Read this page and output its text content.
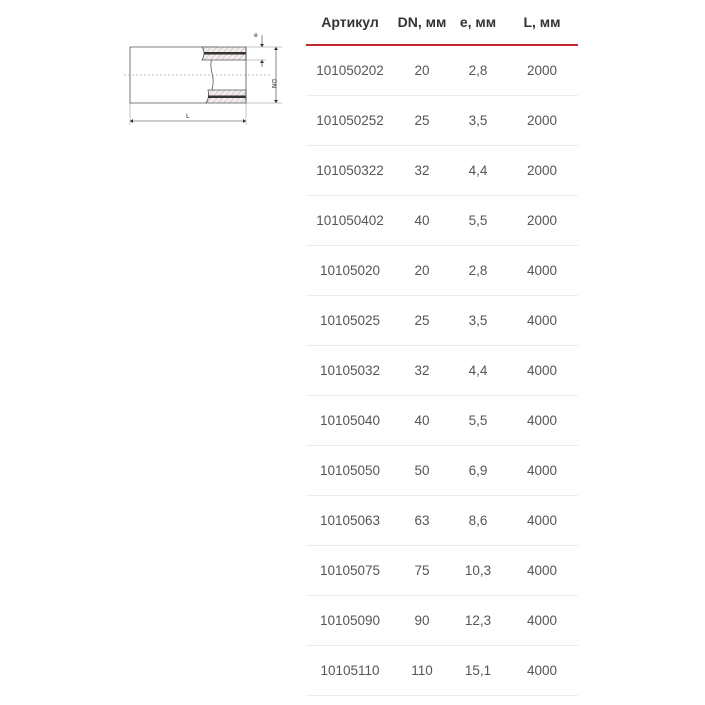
e
DN
L
Артикул	DN, мм	e, мм	L, мм
101050202	20	2,8	2000
101050252	25	3,5	2000
101050322	32	4,4	2000
101050402	40	5,5	2000
10105020	20	2,8	4000
10105025	25	3,5	4000
10105032	32	4,4	4000
10105040	40	5,5	4000
10105050	50	6,9	4000
10105063	63	8,6	4000
10105075	75	10,3	4000
10105090	90	12,3	4000
10105110	110	15,1	4000
